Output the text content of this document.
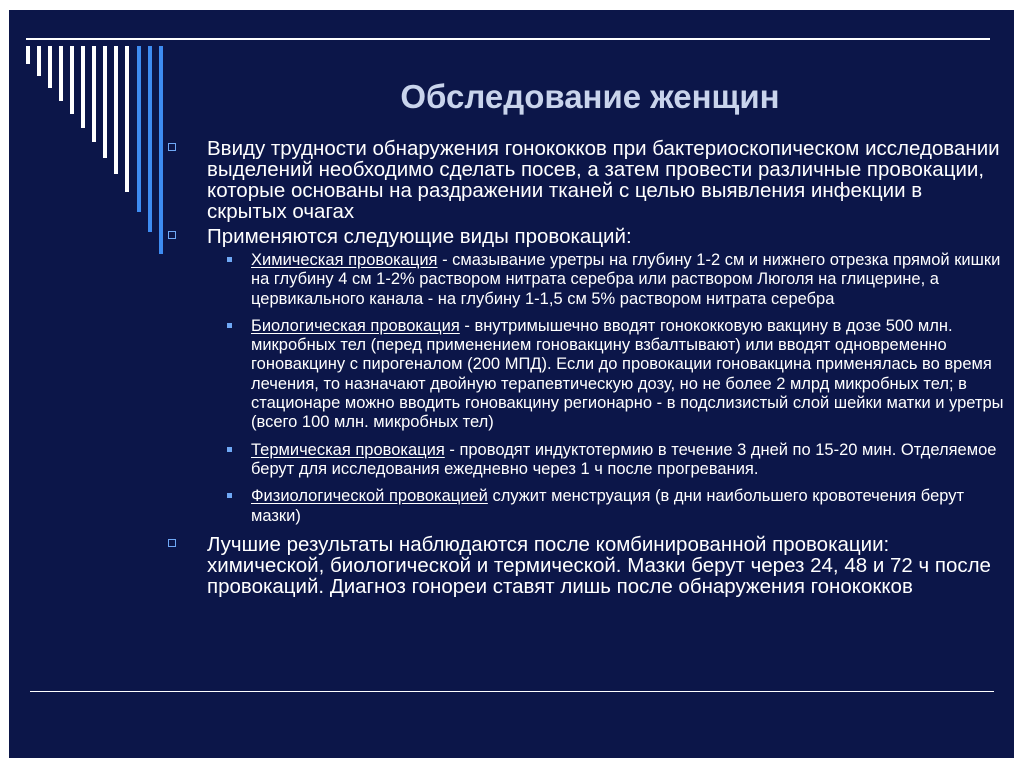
Обследование женщин
Ввиду трудности обнаружения гонококков при бактериоскопическом исследовании выделений необходимо сделать посев, а затем провести различные провокации, которые основаны на раздражении тканей с целью выявления инфекции в скрытых очагах
Применяются следующие виды провокаций:
Химическая провокация - смазывание уретры на глубину 1-2 см и нижнего отрезка прямой кишки на глубину 4 см 1-2% раствором нитрата серебра или раствором Люголя на глицерине, а цервикального канала - на глубину 1-1,5 см 5% раствором нитрата серебра
Биологическая провокация - внутримышечно вводят гонококковую вакцину в дозе 500 млн. микробных тел (перед применением гоновакцину взбалтывают) или вводят одновременно гоновакцину с пирогеналом (200 МПД). Если до провокации гоновакцина применялась во время лечения, то назначают двойную терапевтическую дозу, но не более 2 млрд микробных тел; в стационаре можно вводить гоновакцину регионарно - в подслизистый слой шейки матки и уретры (всего 100 млн. микробных тел)
Термическая провокация - проводят индуктотермию в течение 3 дней по 15-20 мин. Отделяемое берут для исследования ежедневно через 1 ч после прогревания.
Физиологической провокацией служит менструация (в дни наибольшего кровотечения берут мазки)
Лучшие результаты наблюдаются после комбинированной провокации: химической, биологической и термической. Мазки берут через 24, 48 и 72 ч после провокаций. Диагноз гонореи ставят лишь после обнаружения гонококков
